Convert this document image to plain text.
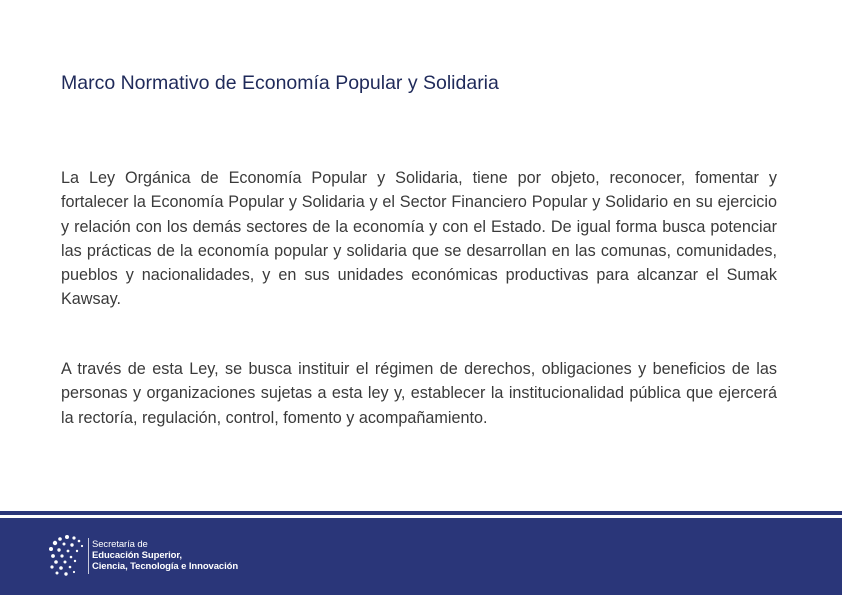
Marco Normativo de Economía Popular y Solidaria

La Ley Orgánica de Economía Popular y Solidaria, tiene por objeto, reconocer, fomentar y fortalecer la Economía Popular y Solidaria y el Sector Financiero Popular y Solidario en su ejercicio y relación con los demás sectores de la economía y con el Estado. De igual forma busca potenciar las prácticas de la economía popular y solidaria que se desarrollan en las comunas, comunidades, pueblos y nacionalidades, y en sus unidades económicas productivas para alcanzar el Sumak Kawsay.

A través de esta Ley, se busca instituir el régimen de derechos, obligaciones y beneficios de las personas y organizaciones sujetas a esta ley y, establecer la institucionalidad pública que ejercerá la rectoría, regulación, control, fomento y acompañamiento.

Secretaría de
Educación Superior,
Ciencia, Tecnología e Innovación
